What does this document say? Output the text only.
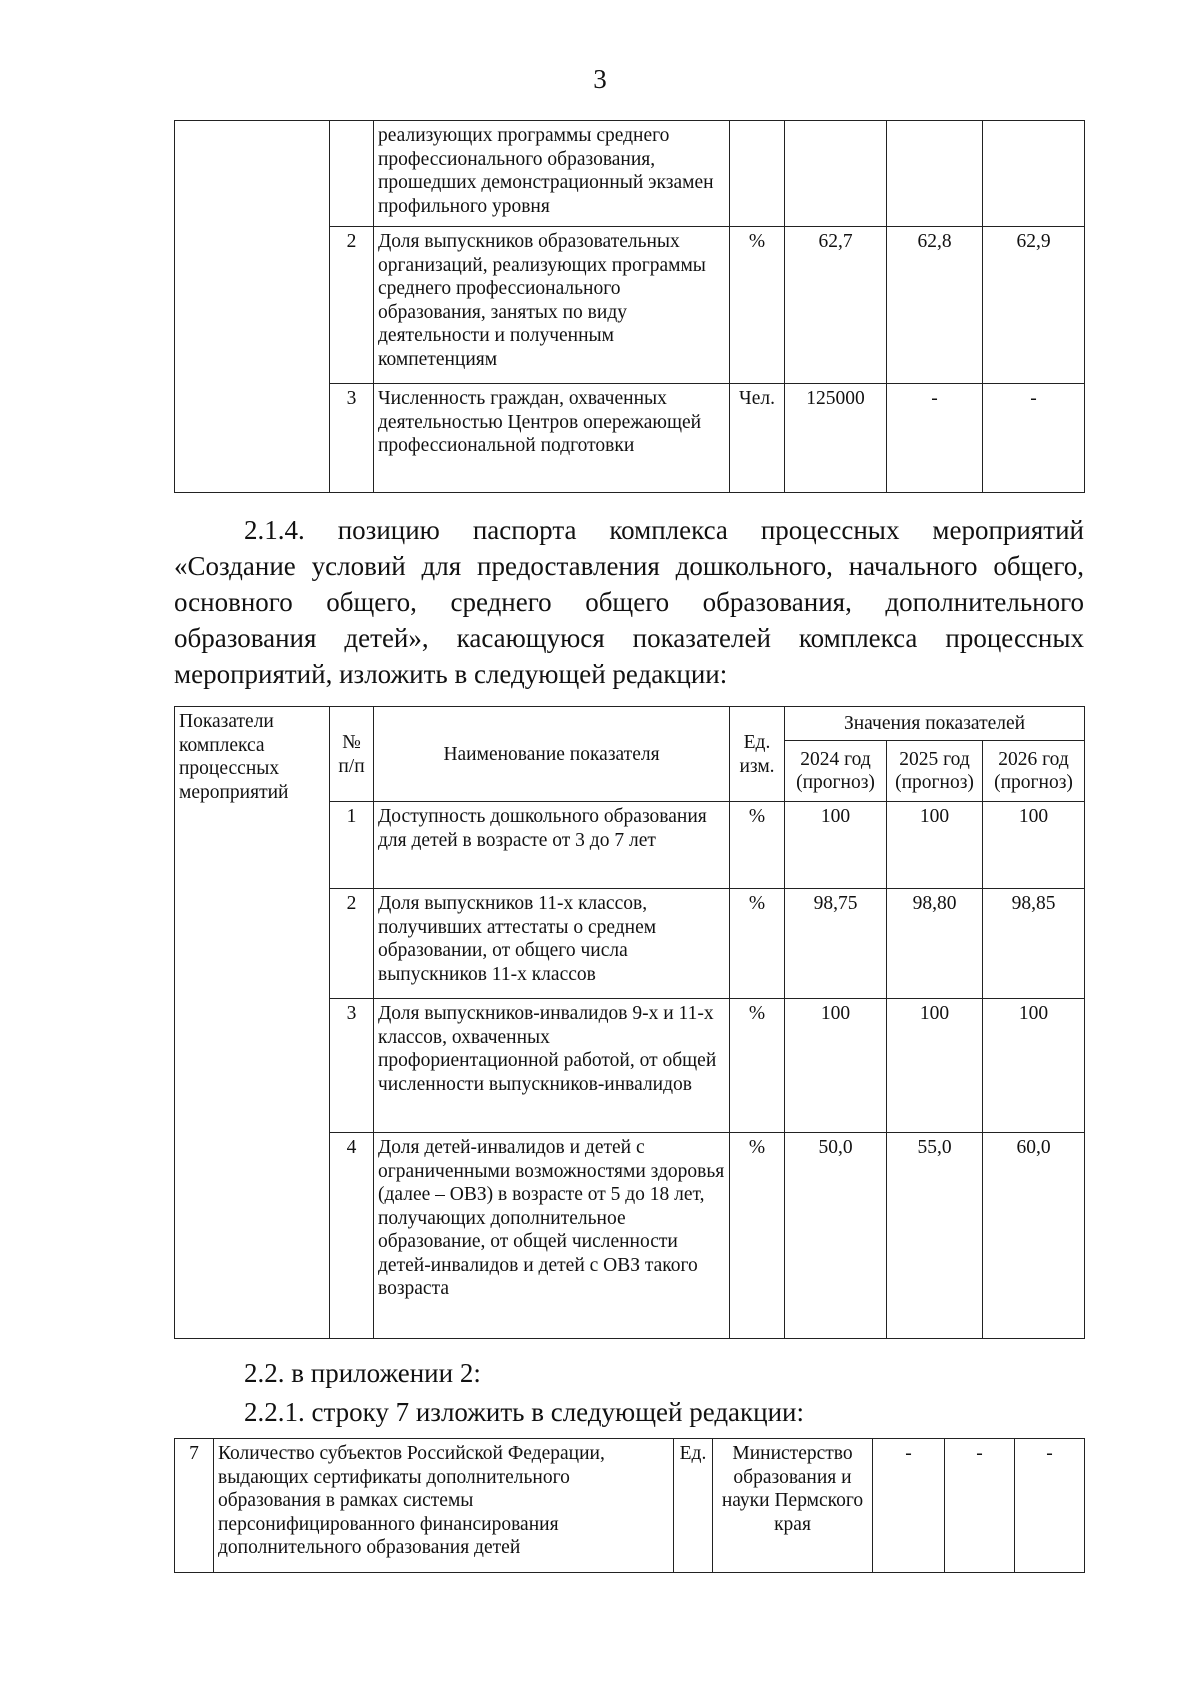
3
		реализующих программы среднего профессионального образования, прошедших демонстрационный экзамен профильного уровня				
	2	Доля выпускников образовательных организаций, реализующих программы среднего профессионального образования, занятых по виду деятельности и полученным компетенциям	%	62,7	62,8	62,9
	3	Численность граждан, охваченных деятельностью Центров опережающей профессиональной подготовки	Чел.	125000	-	-
2.1.4. позицию паспорта комплекса процессных мероприятий
«Создание условий для предоставления дошкольного, начального общего,
основного общего, среднего общего образования, дополнительного
образования детей», касающуюся показателей комплекса процессных
мероприятий, изложить в следующей редакции:
Показатели комплекса процессных мероприятий	№ п/п	Наименование показателя	Ед. изм.	Значения показателей		
				2024 год (прогноз)	2025 год (прогноз)	2026 год (прогноз)
	1	Доступность дошкольного образования для детей в возрасте от 3 до 7 лет	%	100	100	100
	2	Доля выпускников 11-х классов, получивших аттестаты о среднем образовании, от общего числа выпускников 11-х классов	%	98,75	98,80	98,85
	3	Доля выпускников-инвалидов 9-х и 11-х классов, охваченных профориентационной работой, от общей численности выпускников-инвалидов	%	100	100	100
	4	Доля детей-инвалидов и детей с ограниченными возможностями здоровья (далее – ОВЗ) в возрасте от 5 до 18 лет, получающих дополнительное образование, от общей численности детей-инвалидов и детей с ОВЗ такого возраста	%	50,0	55,0	60,0
2.2. в приложении 2:
2.2.1. строку 7 изложить в следующей редакции:
7	Количество субъектов Российской Федерации, выдающих сертификаты дополнительного образования в рамках системы персонифицированного финансирования дополнительного образования детей	Ед.	Министерство образования и науки Пермского края	-	-	-
